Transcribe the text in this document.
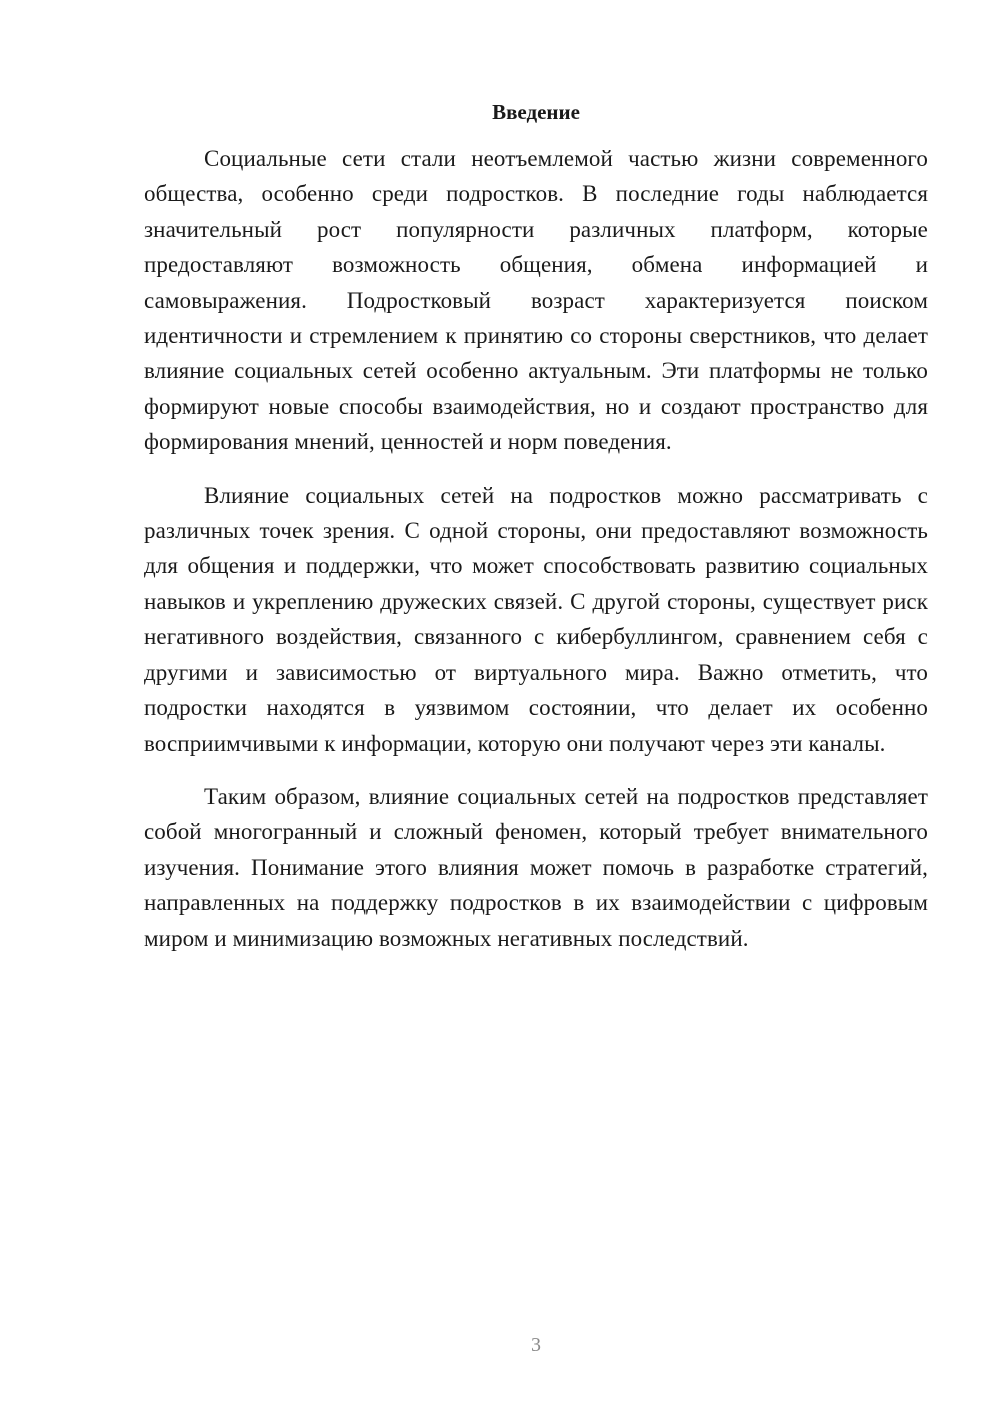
Введение

Социальные сети стали неотъемлемой частью жизни современного общества, особенно среди подростков. В последние годы наблюдается значительный рост популярности различных платформ, которые предоставляют возможность общения, обмена информацией и самовыражения. Подростковый возраст характеризуется поиском идентичности и стремлением к принятию со стороны сверстников, что делает влияние социальных сетей особенно актуальным. Эти платформы не только формируют новые способы взаимодействия, но и создают пространство для формирования мнений, ценностей и норм поведения.

Влияние социальных сетей на подростков можно рассматривать с различных точек зрения. С одной стороны, они предоставляют возможность для общения и поддержки, что может способствовать развитию социальных навыков и укреплению дружеских связей. С другой стороны, существует риск негативного воздействия, связанного с кибербуллингом, сравнением себя с другими и зависимостью от виртуального мира. Важно отметить, что подростки находятся в уязвимом состоянии, что делает их особенно восприимчивыми к информации, которую они получают через эти каналы.

Таким образом, влияние социальных сетей на подростков представляет собой многогранный и сложный феномен, который требует внимательного изучения. Понимание этого влияния может помочь в разработке стратегий, направленных на поддержку подростков в их взаимодействии с цифровым миром и минимизацию возможных негативных последствий.

3
